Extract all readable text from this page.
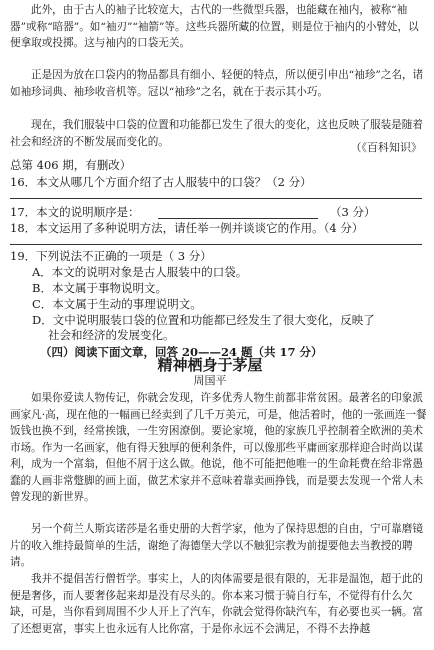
此外，由于古人的袖子比较宽大，古代的一些微型兵器，也能藏在袖内，被称“袖器”或称“暗器”。如“袖刃”“袖箭”等。这些兵器所藏的位置，则是位于袖内的小臂处，以便拿取或投掷。这与袖内的口袋无关。
正是因为放在口袋内的物品都具有细小、轻便的特点，所以便引申出“袖珍”之名，诸如袖珍词典、袖珍收音机等。冠以“袖珍”之名，就在于表示其小巧。
现在，我们服装中口袋的位置和功能都已发生了很大的变化，这也反映了服装是随着社会和经济的不断发展而变化的。	（《百科知识》
总第 406 期，有删改）
16．本文从哪几个方面介绍了古人服装中的口袋？（2 分）
17．本文的说明顺序是：	（3 分）
18．本文运用了多种说明方法，请任举一例并谈谈它的作用。（4 分）
19．下列说法不正确的一项是（ 3 分）
A．本文的说明对象是古人服装中的口袋。
B．本文属于事物说明文。
C．本文属于生动的事理说明文。
D．文中说明服装口袋的位置和功能都已经发生了很大变化，反映了
社会和经济的发展变化。
（四）阅读下面文章，回答 20——24 题（共 17 分）
精神栖身于茅屋
周国平
如果你爱读人物传记，你就会发现，许多优秀人物生前都非常贫困。最著名的印象派画家凡·高，现在他的一幅画已经卖到了几千万美元，可是，他活着时，他的一张画连一餐饭钱也换不到，经常挨饿，一生穷困潦倒。要论家境，他的家族几乎控制着全欧洲的美术市场。作为一名画家，他有得天独厚的便利条件，可以像那些平庸画家那样迎合时尚以谋利，成为一个富翁，但他不屑于这么做。他说，他不可能把他唯一的生命耗费在给非常愚蠢的人画非常蹩脚的画上面，做艺术家并不意味着靠卖画挣钱，而是要去发现一个常人未曾发现的新世界。
另一个荷兰人斯宾诺莎是名垂史册的大哲学家，他为了保持思想的自由，宁可靠磨镜片的收入维持最简单的生活，谢绝了海德堡大学以不触犯宗教为前提要他去当教授的聘请。
我并不提倡苦行僧哲学。事实上，人的肉体需要是很有限的，无非是温饱，超于此的便是奢侈，而人要奢侈起来却是没有尽头的。你本来习惯于骑自行车，不觉得有什么欠缺，可是，当你看到周围不少人开上了汽车，你就会觉得你缺汽车，有必要也买一辆。富了还想更富，事实上也永远有人比你富，于是你永远不会满足，不得不去挣越
